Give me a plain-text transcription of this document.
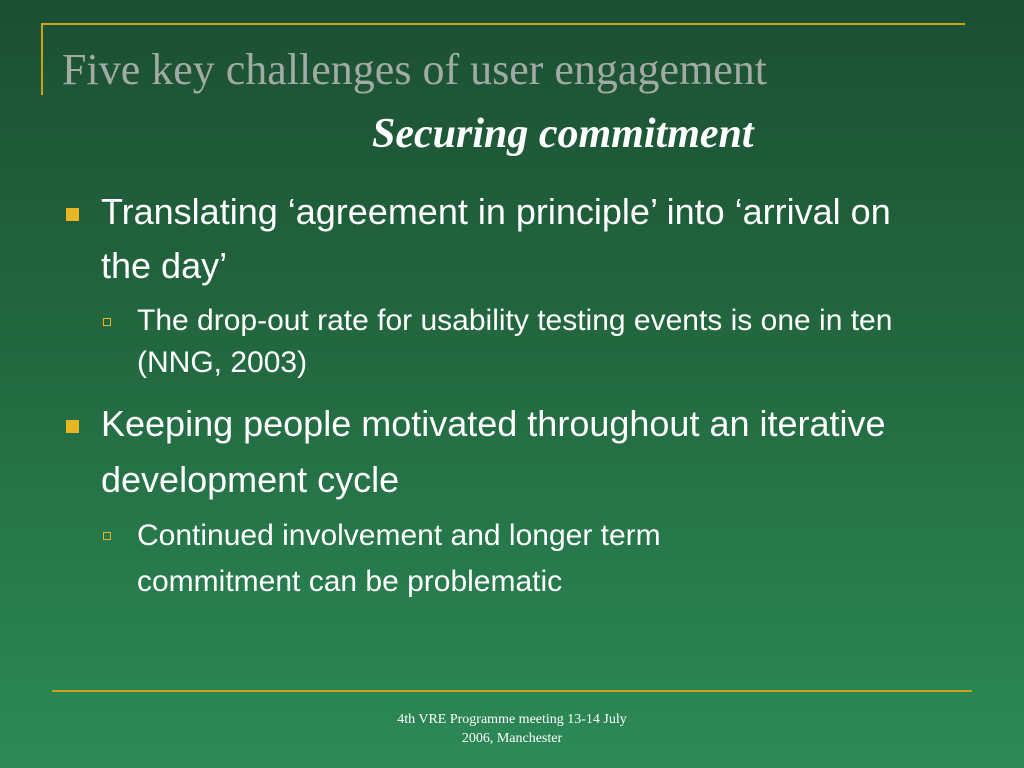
Five key challenges of user engagement
Securing commitment
Translating ‘agreement in principle’ into ‘arrival on the day’
The drop-out rate for usability testing events is one in ten (NNG, 2003)
Keeping people motivated throughout an iterative development cycle
Continued involvement and longer term commitment can be problematic
4th VRE Programme meeting 13-14 July
2006, Manchester
